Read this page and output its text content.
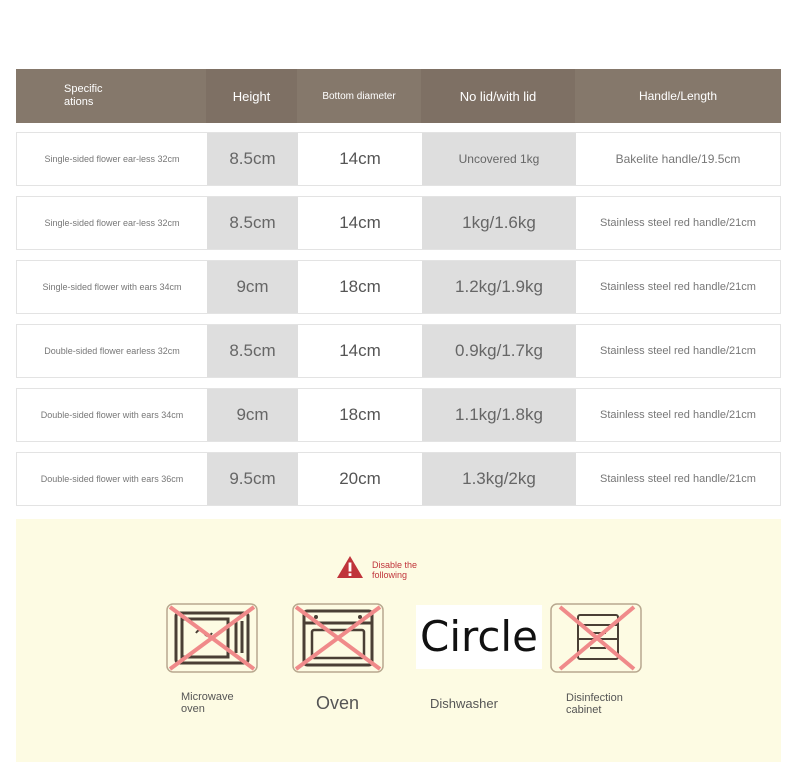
Specific
ations	Height	Bottom diameter	No lid/with lid	Handle/Length
Single-sided flower ear-less 32cm	8.5cm	14cm	Uncovered 1kg	Bakelite handle/19.5cm
Single-sided flower ear-less 32cm	8.5cm	14cm	1kg/1.6kg	Stainless steel red handle/21cm
Single-sided flower with ears 34cm	9cm	18cm	1.2kg/1.9kg	Stainless steel red handle/21cm
Double-sided flower earless 32cm	8.5cm	14cm	0.9kg/1.7kg	Stainless steel red handle/21cm
Double-sided flower with ears 34cm	9cm	18cm	1.1kg/1.8kg	Stainless steel red handle/21cm
Double-sided flower with ears 36cm	9.5cm	20cm	1.3kg/2kg	Stainless steel red handle/21cm
Disable the
following
Microwave
oven	Oven
Circle
Dishwasher	Disinfection
cabinet
